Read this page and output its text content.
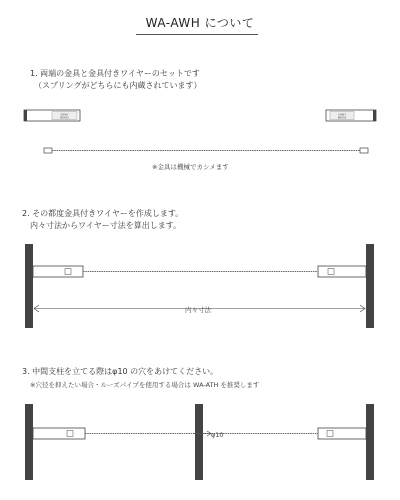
WA-AWH について
1. 両端の金具と金具付きワイヤーのセットです
（スプリングがどちらにも内蔵されています）
※金具は機械でカシメます
2. その都度金具付きワイヤーを作成します。
内々寸法からワイヤー寸法を算出します。
内々寸法
3. 中間支柱を立てる際はφ10 の穴をあけてください。
※穴径を抑えたい場合・ルーズパイプを使用する場合は WA-ATH を推奨します
φ10
SHINY
BRASS
SHINY
BRASS
